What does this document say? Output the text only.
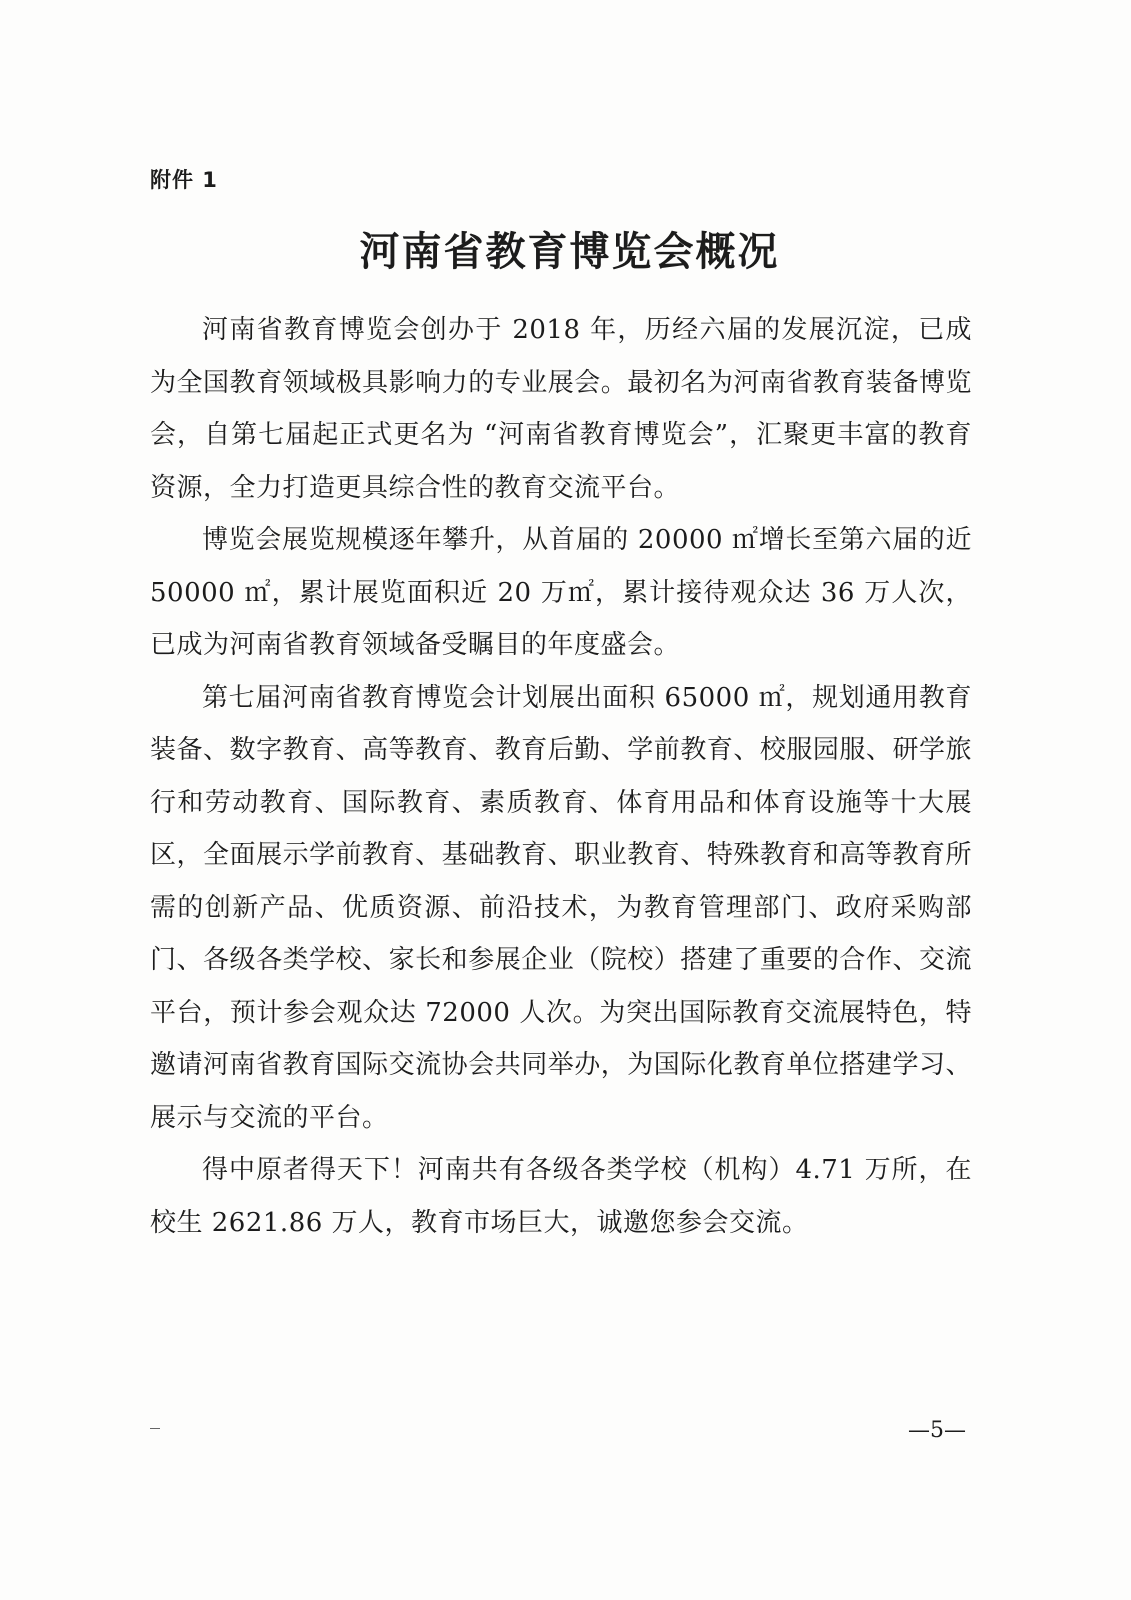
附件 1
河南省教育博览会概况

河南省教育博览会创办于 2018 年，历经六届的发展沉淀，已成为全国教育领域极具影响力的专业展会。最初名为河南省教育装备博览会，自第七届起正式更名为 “河南省教育博览会”，汇聚更丰富的教育资源，全力打造更具综合性的教育交流平台。

博览会展览规模逐年攀升，从首届的 20000 ㎡增长至第六届的近 50000 ㎡，累计展览面积近 20 万㎡，累计接待观众达 36 万人次，已成为河南省教育领域备受瞩目的年度盛会。

第七届河南省教育博览会计划展出面积 65000 ㎡，规划通用教育装备、数字教育、高等教育、教育后勤、学前教育、校服园服、研学旅行和劳动教育、国际教育、素质教育、体育用品和体育设施等十大展区，全面展示学前教育、基础教育、职业教育、特殊教育和高等教育所需的创新产品、优质资源、前沿技术，为教育管理部门、政府采购部门、各级各类学校、家长和参展企业（院校）搭建了重要的合作、交流平台，预计参会观众达 72000 人次。为突出国际教育交流展特色，特邀请河南省教育国际交流协会共同举办，为国际化教育单位搭建学习、展示与交流的平台。

得中原者得天下！河南共有各级各类学校（机构）4.71 万所，在校生 2621.86 万人，教育市场巨大，诚邀您参会交流。

—5—
